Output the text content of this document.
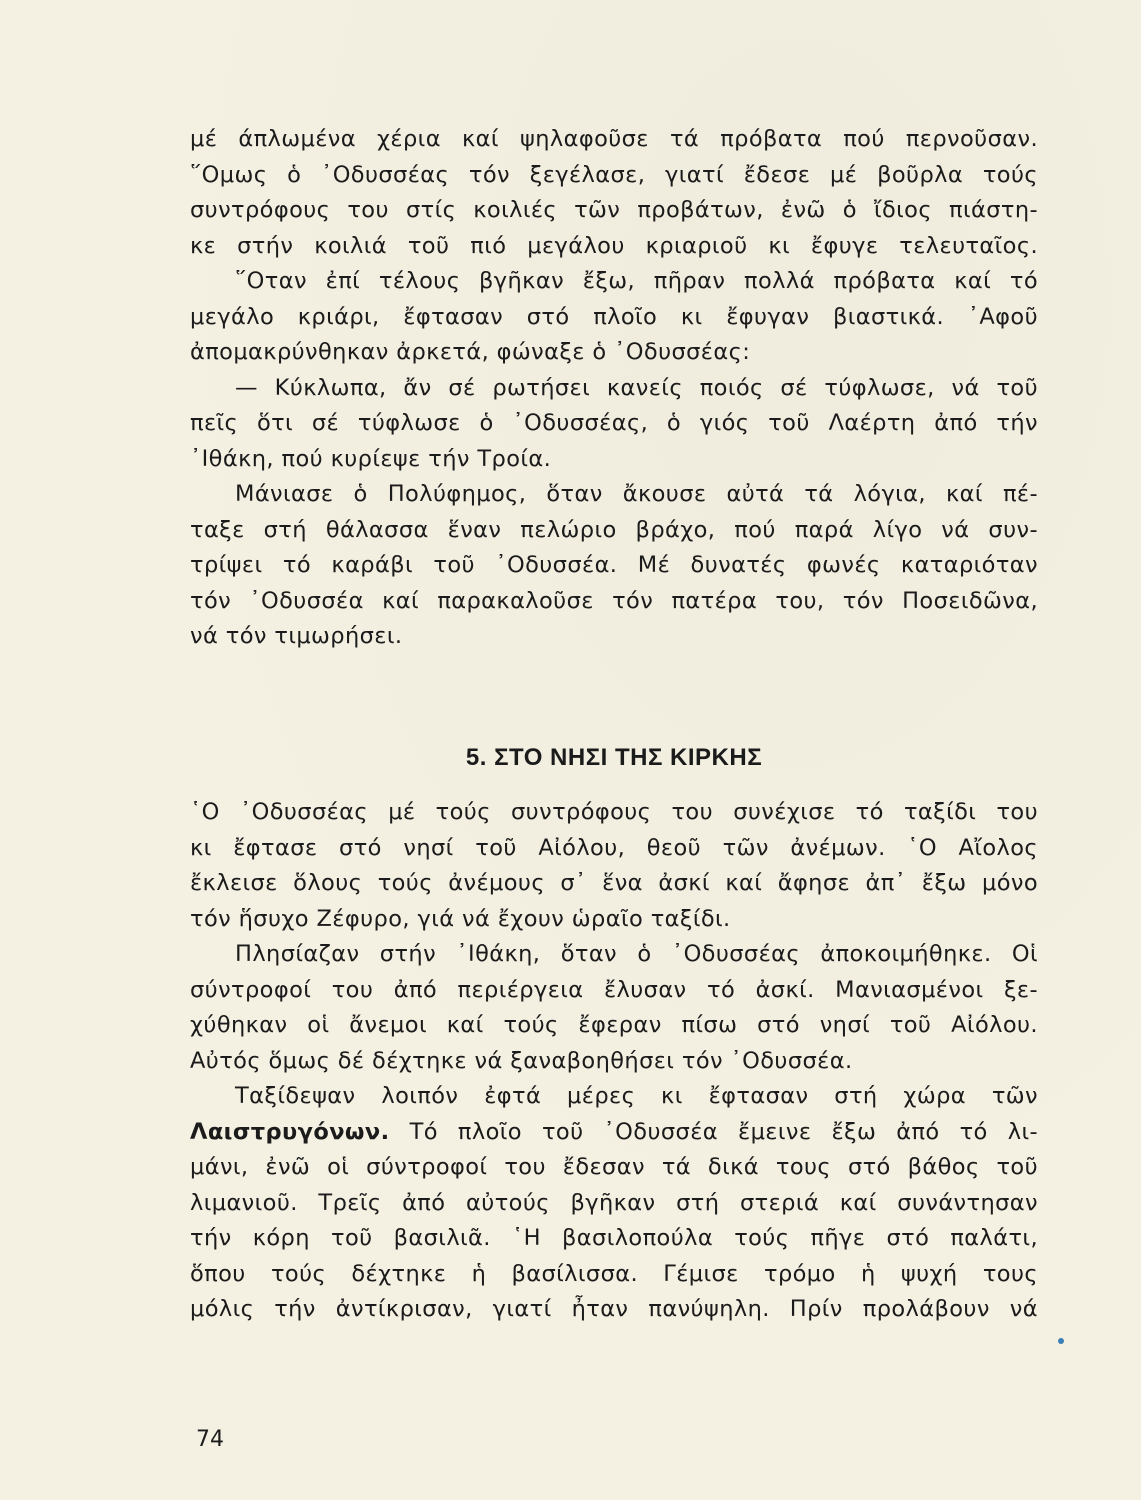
μέ άπλωμένα χέρια καί ψηλαφοῦσε τά πρόβατα πού περνοῦσαν.
῞Ομως ὁ ᾿Οδυσσέας τόν ξεγέλασε, γιατί ἔδεσε μέ βοῦρλα τούς
συντρόφους του στίς κοιλιές τῶν προβάτων, ἐνῶ ὁ ἴδιος πιάστη-
κε στήν κοιλιά τοῦ πιό μεγάλου κριαριοῦ κι ἔφυγε τελευταῖος.
῞Οταν ἐπί τέλους βγῆκαν ἔξω, πῆραν πολλά πρόβατα καί τό
μεγάλο κριάρι, ἔφτασαν στό πλοῖο κι ἔφυγαν βιαστικά. ᾿Αφοῦ
ἀπομακρύνθηκαν ἀρκετά, φώναξε ὁ ᾿Οδυσσέας:
— Κύκλωπα, ἄν σέ ρωτήσει κανείς ποιός σέ τύφλωσε, νά τοῦ
πεῖς ὅτι σέ τύφλωσε ὁ ᾿Οδυσσέας, ὁ γιός τοῦ Λαέρτη ἀπό τήν
᾿Ιθάκη, πού κυρίεψε τήν Τροία.
Μάνιασε ὁ Πολύφημος, ὅταν ἄκουσε αὐτά τά λόγια, καί πέ-
ταξε στή θάλασσα ἕναν πελώριο βράχο, πού παρά λίγο νά συν-
τρίψει τό καράβι τοῦ ᾿Οδυσσέα. Μέ δυνατές φωνές καταριόταν
τόν ᾿Οδυσσέα καί παρακαλοῦσε τόν πατέρα του, τόν Ποσειδῶνα,
νά τόν τιμωρήσει.
5. ΣΤΟ ΝΗΣΙ ΤΗΣ ΚΙΡΚΗΣ
῾Ο ᾿Οδυσσέας μέ τούς συντρόφους του συνέχισε τό ταξίδι του
κι ἔφτασε στό νησί τοῦ Αἰόλου, θεοῦ τῶν ἀνέμων. ῾Ο Αἴολος
ἔκλεισε ὅλους τούς ἀνέμους σ᾿ ἕνα ἀσκί καί ἄφησε ἀπ᾿ ἔξω μόνο
τόν ἥσυχο Ζέφυρο, γιά νά ἔχουν ὡραῖο ταξίδι.
Πλησίαζαν στήν ᾿Ιθάκη, ὅταν ὁ ᾿Οδυσσέας ἀποκοιμήθηκε. Οἱ
σύντροφοί του ἀπό περιέργεια ἔλυσαν τό ἀσκί. Μανιασμένοι ξε-
χύθηκαν οἱ ἄνεμοι καί τούς ἔφεραν πίσω στό νησί τοῦ Αἰόλου.
Αὐτός ὅμως δέ δέχτηκε νά ξαναβοηθήσει τόν ᾿Οδυσσέα.
Ταξίδεψαν λοιπόν ἐφτά μέρες κι ἔφτασαν στή χώρα τῶν
Λαιστρυγόνων. Τό πλοῖο τοῦ ᾿Οδυσσέα ἔμεινε ἔξω ἀπό τό λι-
μάνι, ἐνῶ οἱ σύντροφοί του ἔδεσαν τά δικά τους στό βάθος τοῦ
λιμανιοῦ. Τρεῖς ἀπό αὐτούς βγῆκαν στή στεριά καί συνάντησαν
τήν κόρη τοῦ βασιλιᾶ. ῾Η βασιλοπούλα τούς πῆγε στό παλάτι,
ὅπου τούς δέχτηκε ἡ βασίλισσα. Γέμισε τρόμο ἡ ψυχή τους
μόλις τήν ἀντίκρισαν, γιατί ἦταν πανύψηλη. Πρίν προλάβουν νά
74
